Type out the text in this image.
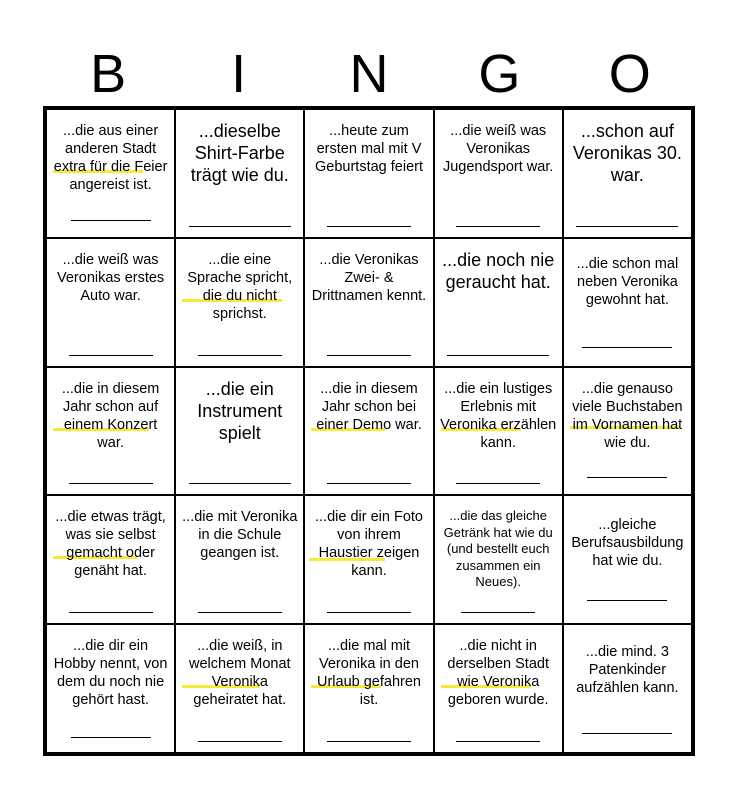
B	I	N	G	O
...die aus einer anderen Stadt extra für die Feier angereist ist.
...dieselbe Shirt-Farbe trägt wie du.
...heute zum ersten mal mit V Geburtstag feiert
...die weiß was Veronikas Jugendsport war.
...schon auf Veronikas 30. war.
...die weiß was Veronikas erstes Auto war.
...die eine Sprache spricht, die du nicht sprichst.
...die Veronikas Zwei- & Drittnamen kennt.
...die noch nie geraucht hat.
...die schon mal neben Veronika gewohnt hat.
...die in diesem Jahr schon auf einem Konzert war.
...die ein Instrument spielt
...die in diesem Jahr schon bei einer Demo war.
...die ein lustiges Erlebnis mit Veronika erzählen kann.
...die genauso viele Buchstaben im Vornamen hat wie du.
...die etwas trägt, was sie selbst gemacht oder genäht hat.
...die mit Veronika in die Schule geangen ist.
...die dir ein Foto von ihrem Haustier zeigen kann.
...die das gleiche Getränk hat wie du (und bestellt euch zusammen ein Neues).
...gleiche Berufsausbildung hat wie du.
...die dir ein Hobby nennt, von dem du noch nie gehört hast.
...die weiß, in welchem Monat Veronika geheiratet hat.
...die mal mit Veronika in den Urlaub gefahren ist.
..die nicht in derselben Stadt wie Veronika geboren wurde.
...die mind. 3 Patenkinder aufzählen kann.
